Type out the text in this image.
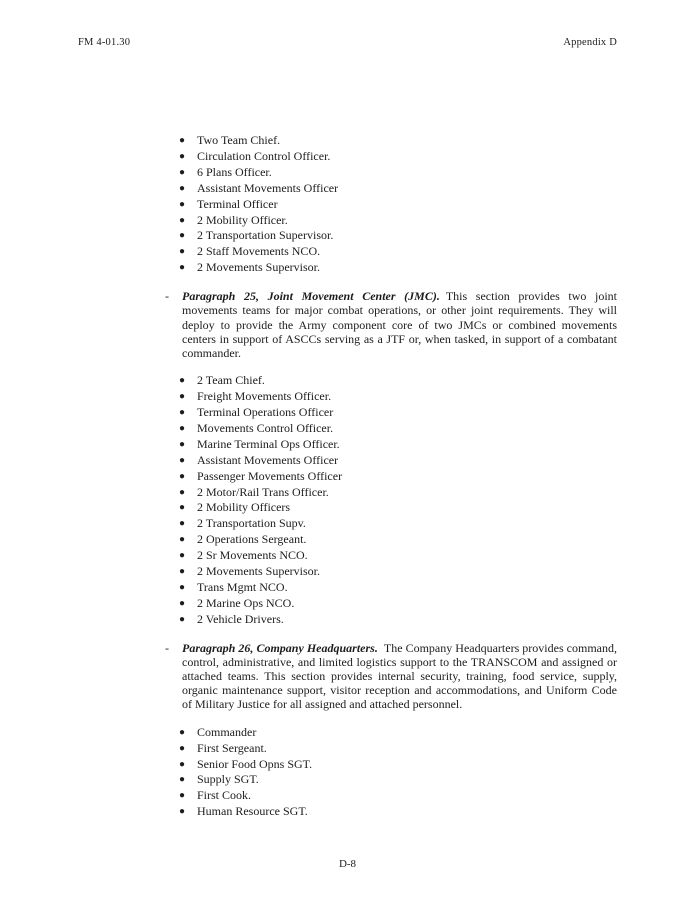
FM 4-01.30	Appendix D
● Two Team Chief.
● Circulation Control Officer.
● 6 Plans Officer.
● Assistant Movements Officer
● Terminal Officer
● 2 Mobility Officer.
● 2 Transportation Supervisor.
● 2 Staff Movements NCO.
● 2 Movements Supervisor.
-	Paragraph 25, Joint Movement Center (JMC). This section provides two joint movements teams for major combat operations, or other joint requirements. They will deploy to provide the Army component core of two JMCs or combined movements centers in support of ASCCs serving as a JTF or, when tasked, in support of a combatant commander.
● 2 Team Chief.
● Freight Movements Officer.
● Terminal Operations Officer
● Movements Control Officer.
● Marine Terminal Ops Officer.
● Assistant Movements Officer
● Passenger Movements Officer
● 2 Motor/Rail Trans Officer.
● 2 Mobility Officers
● 2 Transportation Supv.
● 2 Operations Sergeant.
● 2 Sr Movements NCO.
● 2 Movements Supervisor.
● Trans Mgmt NCO.
● 2 Marine Ops NCO.
● 2 Vehicle Drivers.
-	Paragraph 26, Company Headquarters. The Company Headquarters provides command, control, administrative, and limited logistics support to the TRANSCOM and assigned or attached teams. This section provides internal security, training, food service, supply, organic maintenance support, visitor reception and accommodations, and Uniform Code of Military Justice for all assigned and attached personnel.
● Commander
● First Sergeant.
● Senior Food Opns SGT.
● Supply SGT.
● First Cook.
● Human Resource SGT.
D-8
